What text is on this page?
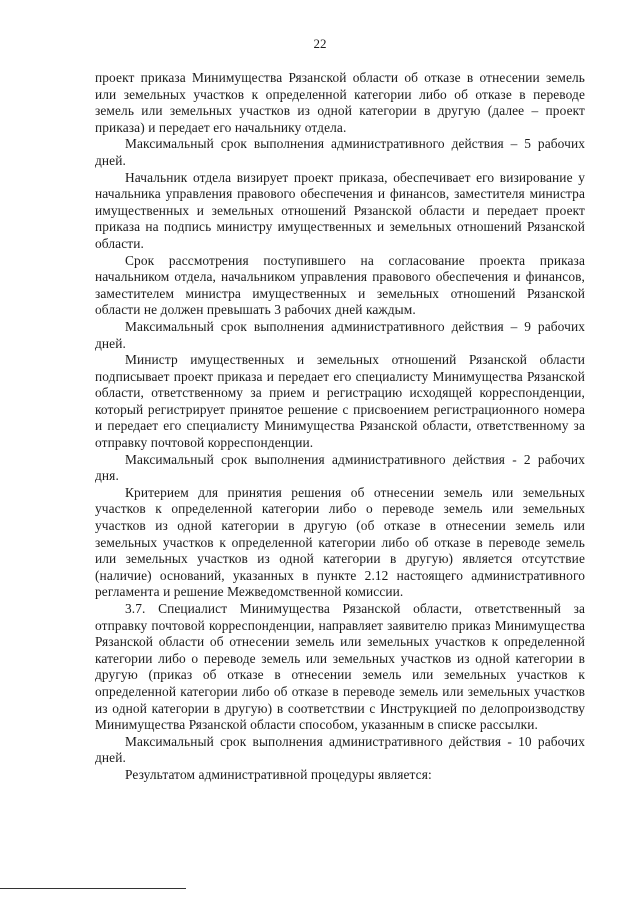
22

проект приказа Минимущества Рязанской области об отказе в отнесении земель или земельных участков к определенной категории либо об отказе в переводе земель или земельных участков из одной категории в другую (далее – проект приказа) и передает его начальнику отдела.

Максимальный срок выполнения административного действия – 5 рабочих дней.

Начальник отдела визирует проект приказа, обеспечивает его визирование у начальника управления правового обеспечения и финансов, заместителя министра имущественных и земельных отношений Рязанской области и передает проект приказа на подпись министру имущественных и земельных отношений Рязанской области.

Срок рассмотрения поступившего на согласование проекта приказа начальником отдела, начальником управления правового обеспечения и финансов, заместителем министра имущественных и земельных отношений Рязанской области не должен превышать 3 рабочих дней каждым.

Максимальный срок выполнения административного действия – 9 рабочих дней.

Министр имущественных и земельных отношений Рязанской области подписывает проект приказа и передает его специалисту Минимущества Рязанской области, ответственному за прием и регистрацию исходящей корреспонденции, который регистрирует принятое решение с присвоением регистрационного номера и передает его специалисту Минимущества Рязанской области, ответственному за отправку почтовой корреспонденции.

Максимальный срок выполнения административного действия - 2 рабочих дня.

Критерием для принятия решения об отнесении земель или земельных участков к определенной категории либо о переводе земель или земельных участков из одной категории в другую (об отказе в отнесении земель или земельных участков к определенной категории либо об отказе в переводе земель или земельных участков из одной категории в другую) является отсутствие (наличие) оснований, указанных в пункте 2.12 настоящего административного регламента и решение Межведомственной комиссии.

3.7. Специалист Минимущества Рязанской области, ответственный за отправку почтовой корреспонденции, направляет заявителю приказ Минимущества Рязанской области об отнесении земель или земельных участков к определенной категории либо о переводе земель или земельных участков из одной категории в другую (приказ об отказе в отнесении земель или земельных участков к определенной категории либо об отказе в переводе земель или земельных участков из одной категории в другую) в соответствии с Инструкцией по делопроизводству Минимущества Рязанской области способом, указанным в списке рассылки.

Максимальный срок выполнения административного действия - 10 рабочих дней.

Результатом административной процедуры является:
